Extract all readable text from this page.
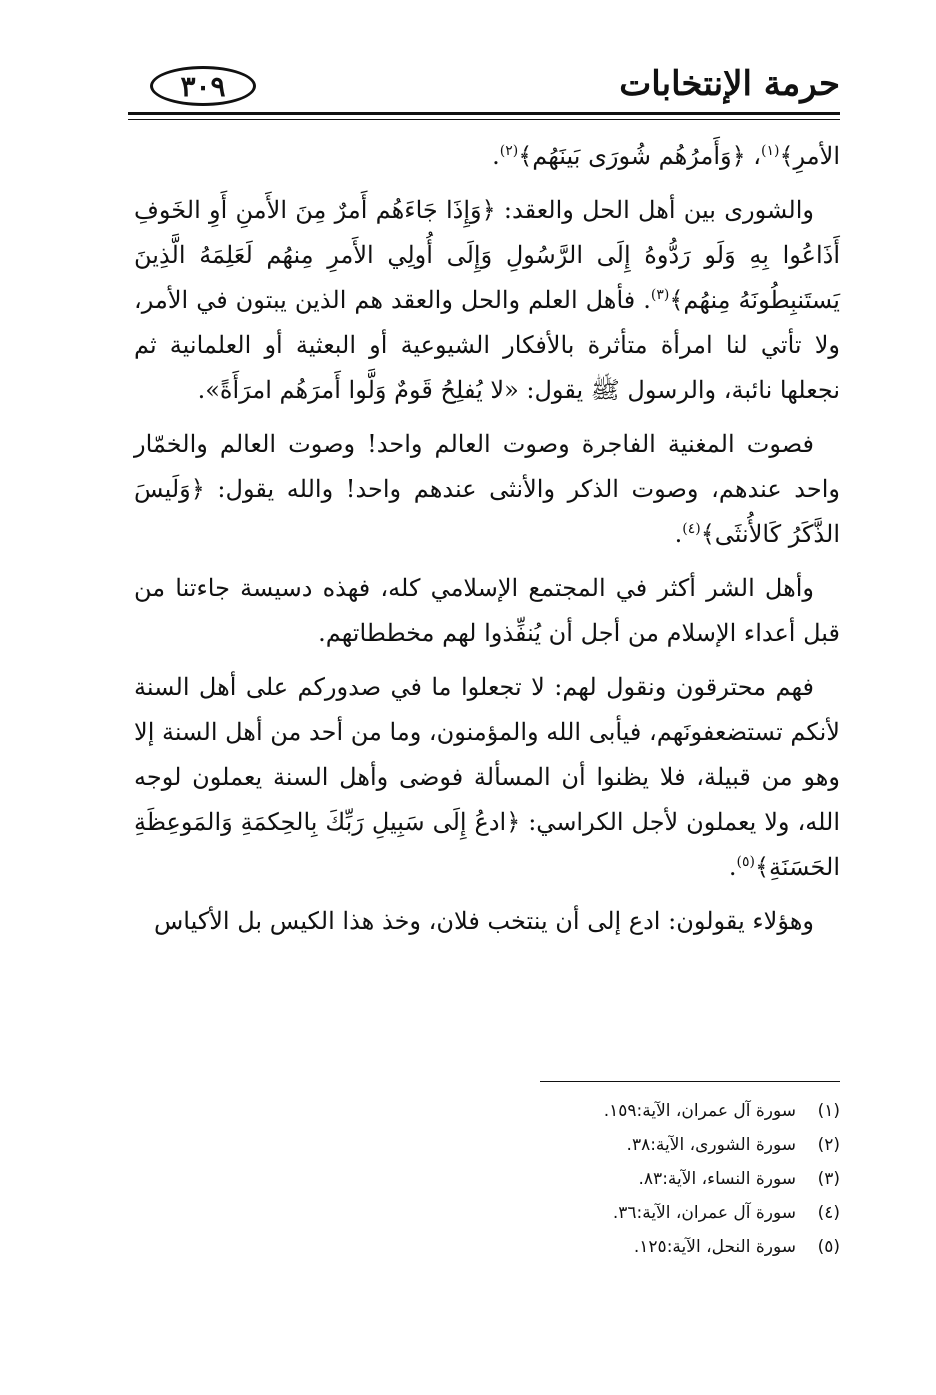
حرمة الإنتخابات
٣٠٩

الأمرِ﴾$^{(١)}$، ﴿وَأَمرُهُم شُورَى بَينَهُم﴾$^{(٢)}$.

والشورى بين أهل الحل والعقد: ﴿وَإِذَا جَاءَهُم أَمرٌ مِنَ الأَمنِ أَوِ الخَوفِ أَذَاعُوا بِهِ وَلَو رَدُّوهُ إِلَى الرَّسُولِ وَإِلَى أُولِي الأَمرِ مِنهُم لَعَلِمَهُ الَّذِينَ يَستَنبِطُونَهُ مِنهُم﴾$^{(٣)}$. فأهل العلم والحل والعقد هم الذين يبتون في الأمر، ولا تأتي لنا امرأة متأثرة بالأفكار الشيوعية أو البعثية أو العلمانية ثم نجعلها نائبة، والرسول ﷺ يقول: «لا يُفلِحُ قَومٌ وَلَّوا أَمرَهُم امرَأَةً».

فصوت المغنية الفاجرة وصوت العالم واحد! وصوت العالم والخمّار واحد عندهم، وصوت الذكر والأنثى عندهم واحد! والله يقول: ﴿وَلَيسَ الذَّكَرُ كَالأُنثَى﴾$^{(٤)}$.

وأهل الشر أكثر في المجتمع الإسلامي كله، فهذه دسيسة جاءتنا من قبل أعداء الإسلام من أجل أن يُنفِّذوا لهم مخططاتهم.

فهم محترقون ونقول لهم: لا تجعلوا ما في صدوركم على أهل السنة لأنكم تستضعفونَهم، فيأبى الله والمؤمنون، وما من أحد من أهل السنة إلا وهو من قبيلة، فلا يظنوا أن المسألة فوضى وأهل السنة يعملون لوجه الله، ولا يعملون لأجل الكراسي: ﴿ادعُ إِلَى سَبِيلِ رَبِّكَ بِالحِكمَةِ وَالمَوعِظَةِ الحَسَنَةِ﴾$^{(٥)}$.

وهؤلاء يقولون: ادع إلى أن ينتخب فلان، وخذ هذا الكيس بل الأكياس

(١)
سورة آل عمران، الآية:١٥٩.
(٢)
سورة الشورى، الآية:٣٨.
(٣)
سورة النساء، الآية:٨٣.
(٤)
سورة آل عمران، الآية:٣٦.
(٥)
سورة النحل، الآية:١٢٥.
